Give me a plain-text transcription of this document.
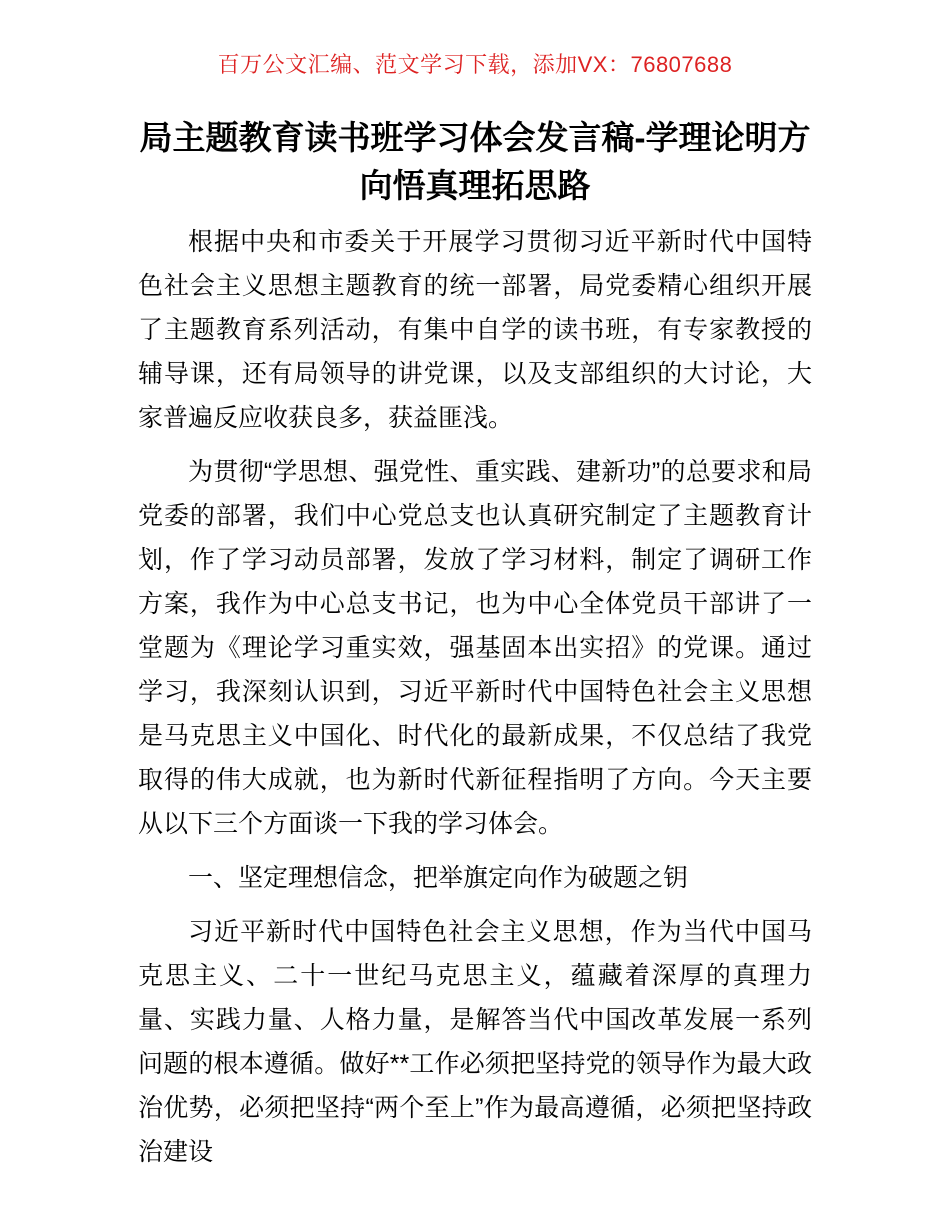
百万公文汇编、范文学习下载，添加VX：76807688
局主题教育读书班学习体会发言稿-学理论明方向悟真理拓思路

根据中央和市委关于开展学习贯彻习近平新时代中国特色社会主义思想主题教育的统一部署，局党委精心组织开展了主题教育系列活动，有集中自学的读书班，有专家教授的辅导课，还有局领导的讲党课，以及支部组织的大讨论，大家普遍反应收获良多，获益匪浅。

为贯彻“学思想、强党性、重实践、建新功”的总要求和局党委的部署，我们中心党总支也认真研究制定了主题教育计划，作了学习动员部署，发放了学习材料，制定了调研工作方案，我作为中心总支书记，也为中心全体党员干部讲了一堂题为《理论学习重实效，强基固本出实招》的党课。通过学习，我深刻认识到，习近平新时代中国特色社会主义思想是马克思主义中国化、时代化的最新成果，不仅总结了我党取得的伟大成就，也为新时代新征程指明了方向。今天主要从以下三个方面谈一下我的学习体会。

一、坚定理想信念，把举旗定向作为破题之钥

习近平新时代中国特色社会主义思想，作为当代中国马克思主义、二十一世纪马克思主义，蕴藏着深厚的真理力量、实践力量、人格力量，是解答当代中国改革发展一系列问题的根本遵循。做好**工作必须把坚持党的领导作为最大政治优势，必须把坚持“两个至上”作为最高遵循，必须把坚持政治建设
